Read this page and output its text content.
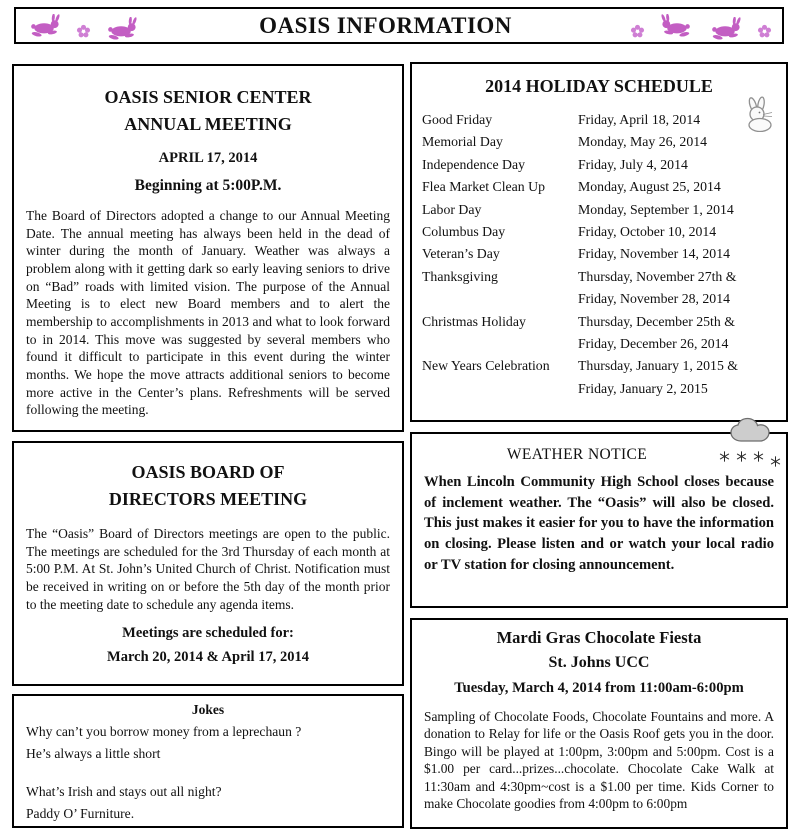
OASIS INFORMATION
OASIS SENIOR CENTER
ANNUAL MEETING
APRIL 17, 2014
Beginning at 5:00P.M.

The Board of Directors adopted a change to our Annual Meeting Date. The annual meeting has always been held in the dead of winter during the month of January. Weather was always a problem along with it getting dark so early leaving seniors to drive on “Bad” roads with limited vision. The purpose of the Annual Meeting is to elect new Board members and to alert the membership to accomplishments in 2013 and what to look forward to in 2014. This move was suggested by several members who found it difficult to participate in this event during the winter months. We hope the move attracts additional seniors to become more active in the Center’s plans. Refreshments will be served following the meeting.

OASIS BOARD OF
DIRECTORS MEETING

The “Oasis” Board of Directors meetings are open to the public. The meetings are scheduled for the 3rd Thursday of each month at 5:00 P.M. At St. John’s United Church of Christ. Notification must be received in writing on or before the 5th day of the month prior to the meeting date to schedule any agenda items.

Meetings are scheduled for:
March 20, 2014 & April 17, 2014
Jokes
Why can’t you borrow money from a leprechaun ?
He’s always a little short
What’s Irish and stays out all night?
Paddy O’ Furniture.
2014 HOLIDAY SCHEDULE
Good Friday	Friday, April 18, 2014
Memorial Day	Monday, May 26, 2014
Independence Day	Friday, July 4, 2014
Flea Market Clean Up	Monday, August 25, 2014
Labor Day	Monday, September 1, 2014
Columbus Day	Friday, October 10, 2014
Veteran’s Day	Friday, November 14, 2014
Thanksgiving	Thursday, November 27th &
Friday, November 28, 2014
Christmas Holiday	Thursday, December 25th &
Friday, December 26, 2014
New Years Celebration	Thursday, January 1, 2015 &
Friday, January 2, 2015
WEATHER NOTICE

When Lincoln Community High School closes because of inclement weather. The “Oasis” will also be closed. This just makes it easier for you to have the information on closing. Please listen and or watch your local radio or TV station for closing announcement.

Mardi Gras Chocolate Fiesta
St. Johns UCC
Tuesday, March 4, 2014 from 11:00am-6:00pm

Sampling of Chocolate Foods, Chocolate Fountains and more. A donation to Relay for life or the Oasis Roof gets you in the door. Bingo will be played at 1:00pm, 3:00pm and 5:00pm. Cost is a $1.00 per card...prizes...chocolate. Chocolate Cake Walk at 11:30am and 4:30pm~cost is a $1.00 per time. Kids Corner to make Chocolate goodies from 4:00pm to 6:00pm
